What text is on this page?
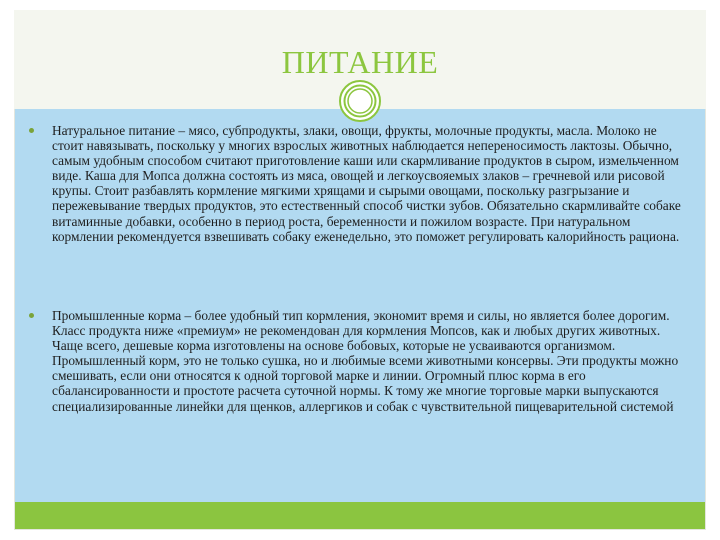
ПИТАНИЕ

Натуральное питание – мясо, субпродукты, злаки, овощи, фрукты, молочные продукты, масла. Молоко не стоит навязывать, поскольку у многих взрослых животных наблюдается непереносимость лактозы. Обычно, самым удобным способом считают приготовление каши или скармливание продуктов в сыром, измельченном виде. Каша для Мопса должна состоять из мяса, овощей и легкоусвояемых злаков – гречневой или рисовой крупы. Стоит разбавлять кормление мягкими хрящами и сырыми овощами, поскольку разгрызание и пережевывание твердых продуктов, это естественный способ чистки зубов. Обязательно скармливайте собаке витаминные добавки, особенно в период роста, беременности и пожилом возрасте. При натуральном кормлении рекомендуется взвешивать собаку еженедельно, это поможет регулировать калорийность рациона.

Промышленные корма – более удобный тип кормления, экономит время и силы, но является более дорогим. Класс продукта ниже «премиум» не рекомендован для кормления Мопсов, как и любых других животных. Чаще всего, дешевые корма изготовлены на основе бобовых, которые не усваиваются организмом. Промышленный корм, это не только сушка, но и любимые всеми животными консервы. Эти продукты можно смешивать, если они относятся к одной торговой марке и линии. Огромный плюс корма в его сбалансированности и простоте расчета суточной нормы. К тому же многие торговые марки выпускаются специализированные линейки для щенков, аллергиков и собак с чувствительной пищеварительной системой
